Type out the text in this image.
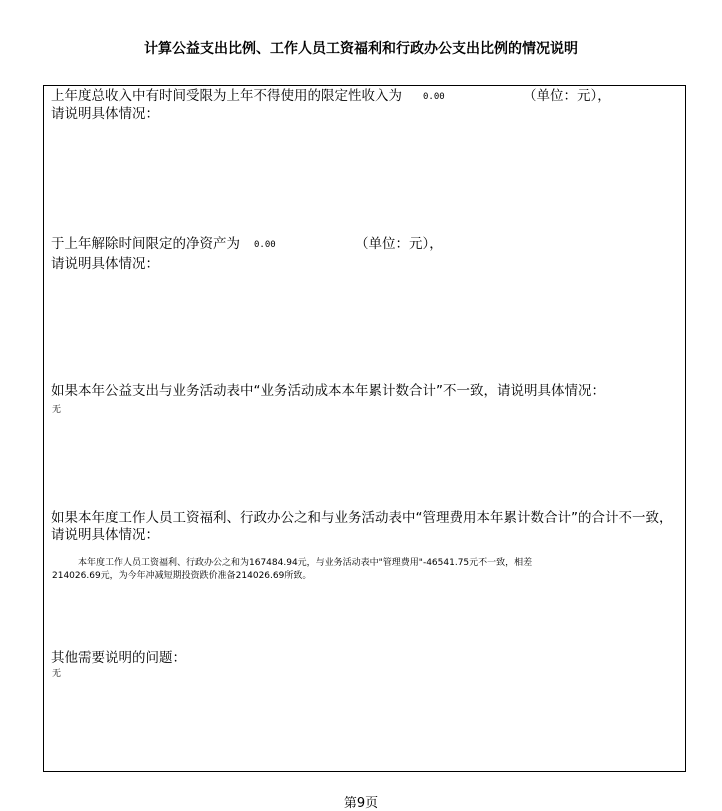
计算公益支出比例、工作人员工资福利和行政办公支出比例的情况说明
上年度总收入中有时间受限为上年不得使用的限定性收入为 0.00	（单位：元），
请说明具体情况：
于上年解除时间限定的净资产为 0.00	（单位：元），
请说明具体情况：
如果本年公益支出与业务活动表中“业务活动成本本年累计数合计”不一致，请说明具体情况：
无
如果本年度工作人员工资福利、行政办公之和与业务活动表中“管理费用本年累计数合计”的合计不一致，请说明具体情况：
本年度工作人员工资福利、行政办公之和为167484.94元，与业务活动表中"管理费用"-46541.75元不一致，相差
214026.69元，为今年冲减短期投资跌价准备214026.69所致。
其他需要说明的问题：
无
第9页
